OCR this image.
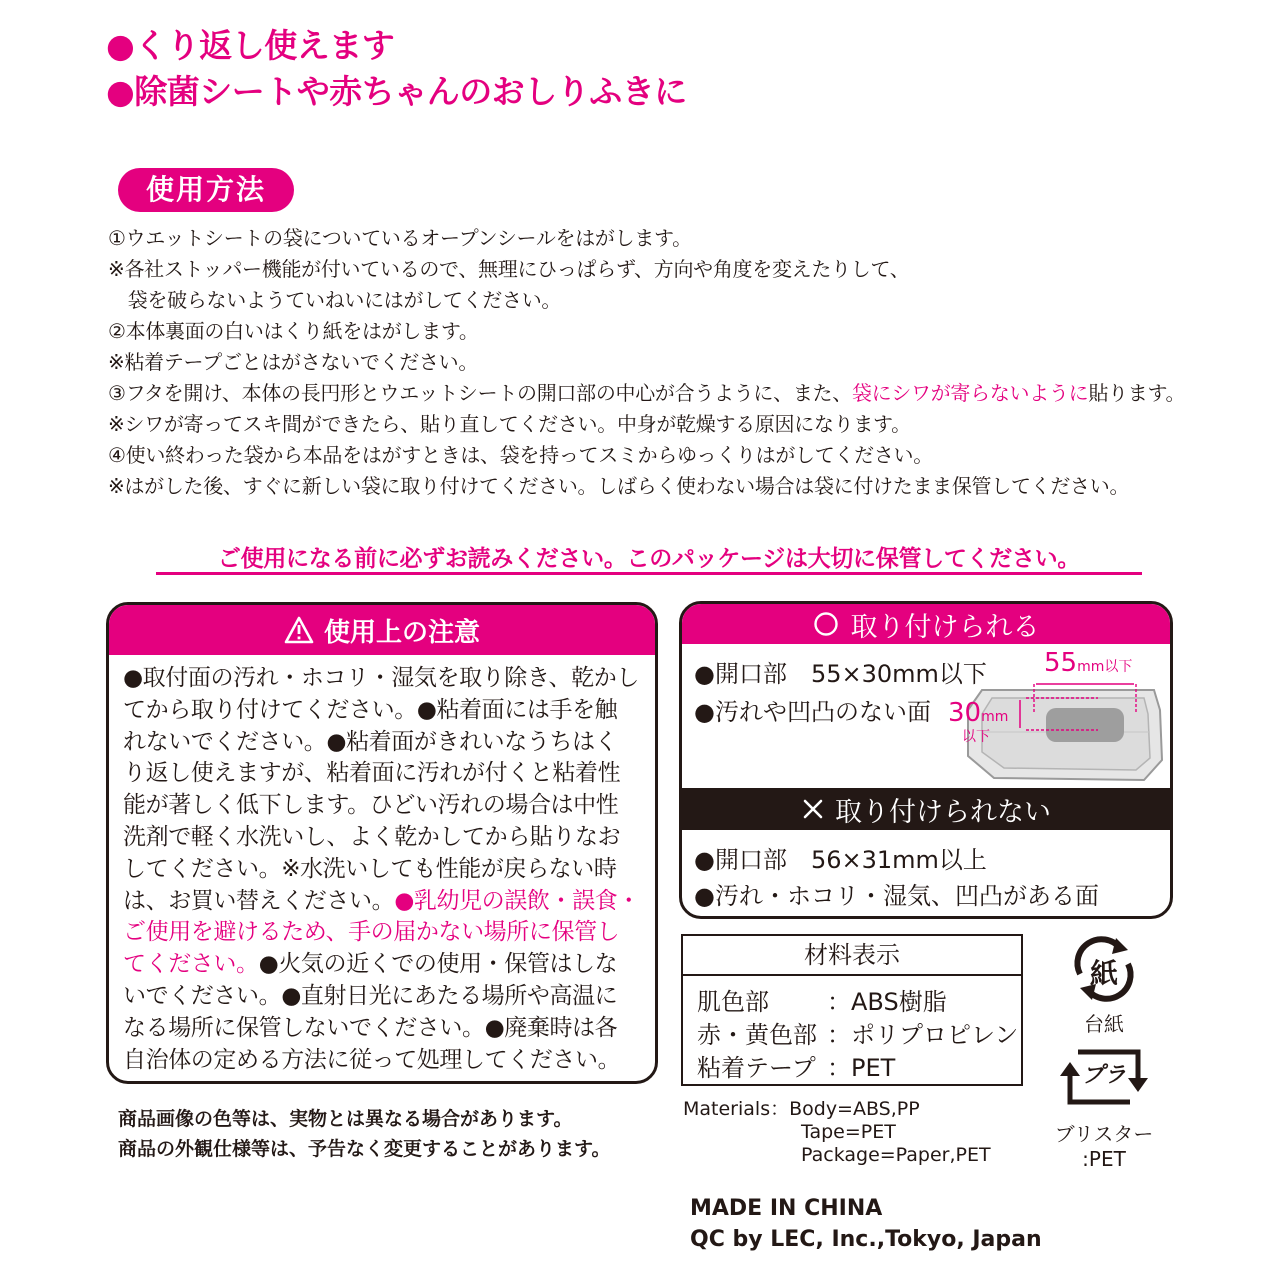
●くり返し使えます
●除菌シートや赤ちゃんのおしりふきに
使用方法
①ウエットシートの袋についているオープンシールをはがします。
※各社ストッパー機能が付いているので、無理にひっぱらず、方向や角度を変えたりして、
　袋を破らないようていねいにはがしてください。
②本体裏面の白いはくり紙をはがします。
※粘着テープごとはがさないでください。
③フタを開け、本体の長円形とウエットシートの開口部の中心が合うように、また、袋にシワが寄らないように貼ります。
※シワが寄ってスキ間ができたら、貼り直してください。中身が乾燥する原因になります。
④使い終わった袋から本品をはがすときは、袋を持ってスミからゆっくりはがしてください。
※はがした後、すぐに新しい袋に取り付けてください。しばらく使わない場合は袋に付けたまま保管してください。
ご使用になる前に必ずお読みください。このパッケージは大切に保管してください。
使用上の注意
●取付面の汚れ・ホコリ・湿気を取り除き、乾かし
てから取り付けてください。●粘着面には手を触
れないでください。●粘着面がきれいなうちはく
り返し使えますが、粘着面に汚れが付くと粘着性
能が著しく低下します。ひどい汚れの場合は中性
洗剤で軽く水洗いし、よく乾かしてから貼りなお
してください。※水洗いしても性能が戻らない時
は、お買い替えください。●乳幼児の誤飲・誤食・
ご使用を避けるため、手の届かない場所に保管し
てください。●火気の近くでの使用・保管はしな
いでください。●直射日光にあたる場所や高温に
なる場所に保管しないでください。●廃棄時は各
自治体の定める方法に従って処理してください。
取り付けられる
●開口部　55×30mm以下
●汚れや凹凸のない面
55mm以下
30mm
以下
取り付けられない
●開口部　56×31mm以上
●汚れ・ホコリ・湿気、凹凸がある面
材料表示
肌色部 ：ABS樹脂
赤・黄色部 ：ポリプロピレン
粘着テープ ：PET
Materials：Body=ABS,PP
Tape=PET
Package=Paper,PET
紙
台紙
プラ
ブリスター
:PET
商品画像の色等は、実物とは異なる場合があります。
商品の外観仕様等は、予告なく変更することがあります。
MADE IN CHINA
QC by LEC, Inc.,Tokyo, Japan
